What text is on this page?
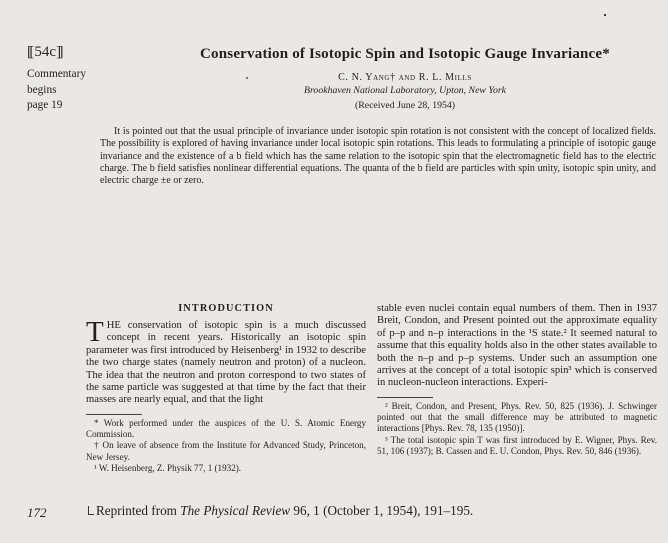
[[ 54c]]
Commentary
begins
page 19
Conservation of Isotopic Spin and Isotopic Gauge Invariance*
C. N. Yang† and R. L. Mills
Brookhaven National Laboratory, Upton, New York
(Received June 28, 1954)
It is pointed out that the usual principle of invariance under isotopic spin rotation is not consistent with the concept of localized fields. The possibility is explored of having invariance under local isotopic spin rotations. This leads to formulating a principle of isotopic gauge invariance and the existence of a b field which has the same relation to the isotopic spin that the electromagnetic field has to the electric charge. The b field satisfies nonlinear differential equations. The quanta of the b field are particles with spin unity, isotopic spin unity, and electric charge ±e or zero.
INTRODUCTION

THE conservation of isotopic spin is a much discussed concept in recent years. Historically an isotopic spin parameter was first introduced by Heisenberg¹ in 1932 to describe the two charge states (namely neutron and proton) of a nucleon. The idea that the neutron and proton correspond to two states of the same particle was suggested at that time by the fact that their masses are nearly equal, and that the light

* Work performed under the auspices of the U. S. Atomic Energy Commission.

† On leave of absence from the Institute for Advanced Study, Princeton, New Jersey.

¹ W. Heisenberg, Z. Physik 77, 1 (1932).

stable even nuclei contain equal numbers of them. Then in 1937 Breit, Condon, and Present pointed out the approximate equality of p–p and n–p interactions in the ¹S state.² It seemed natural to assume that this equality holds also in the other states available to both the n–p and p–p systems. Under such an assumption one arrives at the concept of a total isotopic spin³ which is conserved in nucleon-nucleon interactions. Experi-

² Breit, Condon, and Present, Phys. Rev. 50, 825 (1936). J. Schwinger pointed out that the small difference may be attributed to magnetic interactions [Phys. Rev. 78, 135 (1950)].

³ The total isotopic spin T was first introduced by E. Wigner, Phys. Rev. 51, 106 (1937); B. Cassen and E. U. Condon, Phys. Rev. 50, 846 (1936).

172	Reprinted from The Physical Review 96, 1 (October 1, 1954), 191–195.
